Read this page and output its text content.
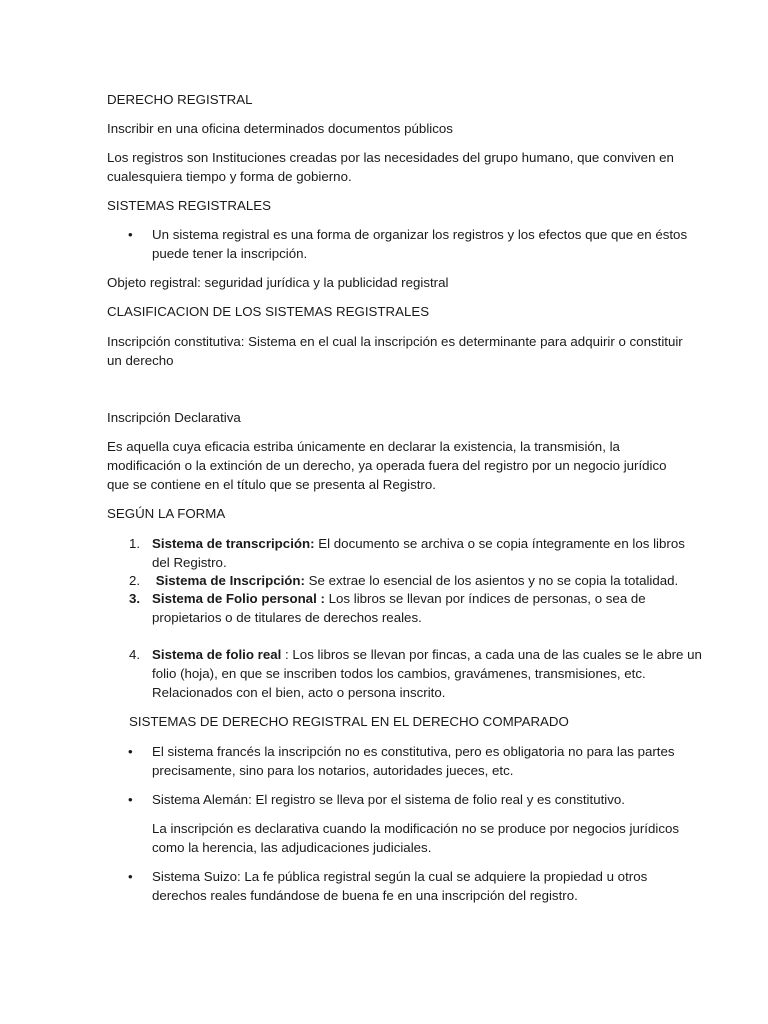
DERECHO REGISTRAL

Inscribir en una oficina determinados documentos públicos

Los registros son Instituciones creadas por las necesidades del grupo humano, que conviven en

cualesquiera tiempo y forma de gobierno.

SISTEMAS REGISTRALES

• Un sistema registral es una forma de organizar los registros y los efectos que que en éstos

puede tener la inscripción.

Objeto registral: seguridad jurídica y la publicidad registral

CLASIFICACION DE LOS SISTEMAS REGISTRALES

Inscripción constitutiva: Sistema en el cual la inscripción es determinante para adquirir o constituir

un derecho

Inscripción Declarativa

Es aquella cuya eficacia estriba únicamente en declarar la existencia, la transmisión, la

modificación o la extinción de un derecho, ya operada fuera del registro por un negocio jurídico

que se contiene en el título que se presenta al Registro.

SEGÚN LA FORMA

1. Sistema de transcripción: El documento se archiva o se copia íntegramente en los libros

del Registro.

2. Sistema de Inscripción: Se extrae lo esencial de los asientos y no se copia la totalidad.

3. Sistema de Folio personal : Los libros se llevan por índices de personas, o sea de

propietarios o de titulares de derechos reales.

4. Sistema de folio real : Los libros se llevan por fincas, a cada una de las cuales se le abre un

folio (hoja), en que se inscriben todos los cambios, gravámenes, transmisiones, etc.

Relacionados con el bien, acto o persona inscrito.

SISTEMAS DE DERECHO REGISTRAL EN EL DERECHO COMPARADO

• El sistema francés la inscripción no es constitutiva, pero es obligatoria no para las partes

precisamente, sino para los notarios, autoridades jueces, etc.

• Sistema Alemán: El registro se lleva por el sistema de folio real y es constitutivo.

La inscripción es declarativa cuando la modificación no se produce por negocios jurídicos

como la herencia, las adjudicaciones judiciales.

• Sistema Suizo: La fe pública registral según la cual se adquiere la propiedad u otros

derechos reales fundándose de buena fe en una inscripción del registro.
